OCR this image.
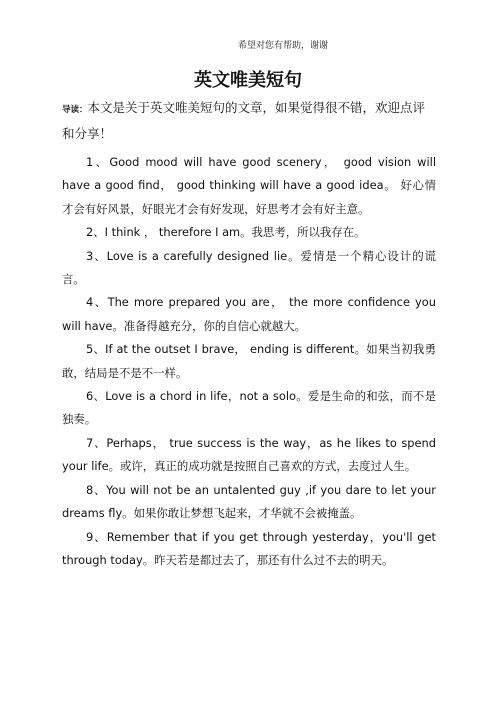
希望对您有帮助，谢谢
英文唯美短句
导读：本文是关于英文唯美短句的文章，如果觉得很不错，欢迎点评和分享！

1、Good mood will have good scenery， good vision will have a good find， good thinking will have a good idea。 好心情才会有好风景，好眼光才会有好发现，好思考才会有好主意。

2、I think ， therefore I am。我思考，所以我存在。

3、Love is a carefully designed lie。爱情是一个精心设计的谎言。

4、The more prepared you are， the more confidence you will have。准备得越充分，你的自信心就越大。

5、If at the outset I brave， ending is different。如果当初我勇敢，结局是不是不一样。

6、Love is a chord in life，not a solo。爱是生命的和弦，而不是独奏。

7、Perhaps， true success is the way，as he likes to spend your life。或许，真正的成功就是按照自己喜欢的方式，去度过人生。

8、You will not be an untalented guy ,if you dare to let your dreams fly。如果你敢让梦想飞起来，才华就不会被掩盖。

9、Remember that if you get through yesterday，you'll get through today。昨天若是都过去了，那还有什么过不去的明天。
